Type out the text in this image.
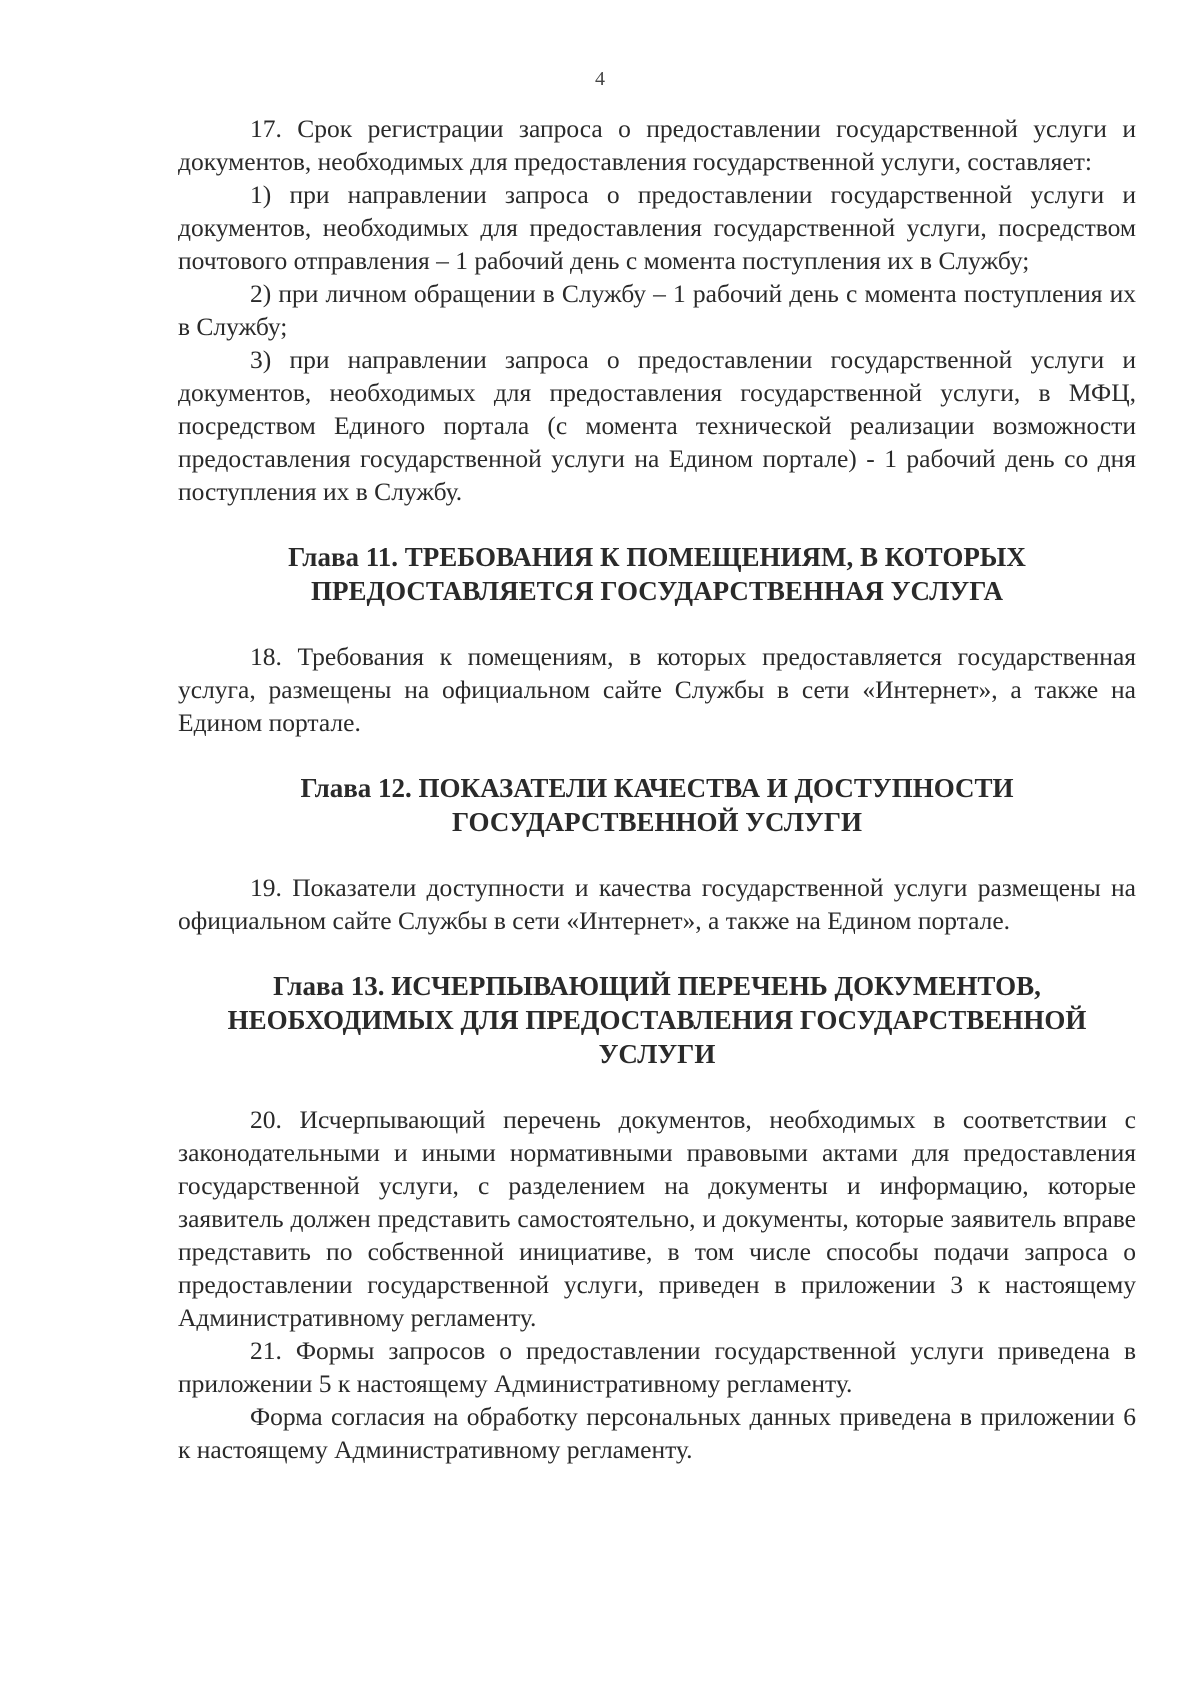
4

17. Срок регистрации запроса о предоставлении государственной услуги и документов, необходимых для предоставления государственной услуги, составляет:

1) при направлении запроса о предоставлении государственной услуги и документов, необходимых для предоставления государственной услуги, посредством почтового отправления – 1 рабочий день с момента поступления их в Службу;

2) при личном обращении в Службу – 1 рабочий день с момента поступления их в Службу;

3) при направлении запроса о предоставлении государственной услуги и документов, необходимых для предоставления государственной услуги, в МФЦ, посредством Единого портала (с момента технической реализации возможности предоставления государственной услуги на Едином портале) - 1 рабочий день со дня поступления их в Службу.

Глава 11. ТРЕБОВАНИЯ К ПОМЕЩЕНИЯМ, В КОТОРЫХ ПРЕДОСТАВЛЯЕТСЯ ГОСУДАРСТВЕННАЯ УСЛУГА

18. Требования к помещениям, в которых предоставляется государственная услуга, размещены на официальном сайте Службы в сети «Интернет», а также на Едином портале.

Глава 12. ПОКАЗАТЕЛИ КАЧЕСТВА И ДОСТУПНОСТИ ГОСУДАРСТВЕННОЙ УСЛУГИ

19. Показатели доступности и качества государственной услуги размещены на официальном сайте Службы в сети «Интернет», а также на Едином портале.

Глава 13. ИСЧЕРПЫВАЮЩИЙ ПЕРЕЧЕНЬ ДОКУМЕНТОВ, НЕОБХОДИМЫХ ДЛЯ ПРЕДОСТАВЛЕНИЯ ГОСУДАРСТВЕННОЙ УСЛУГИ

20. Исчерпывающий перечень документов, необходимых в соответствии с законодательными и иными нормативными правовыми актами для предоставления государственной услуги, с разделением на документы и информацию, которые заявитель должен представить самостоятельно, и документы, которые заявитель вправе представить по собственной инициативе, в том числе способы подачи запроса о предоставлении государственной услуги, приведен в приложении 3 к настоящему Административному регламенту.

21. Формы запросов о предоставлении государственной услуги приведена в приложении 5 к настоящему Административному регламенту.

Форма согласия на обработку персональных данных приведена в приложении 6 к настоящему Административному регламенту.
